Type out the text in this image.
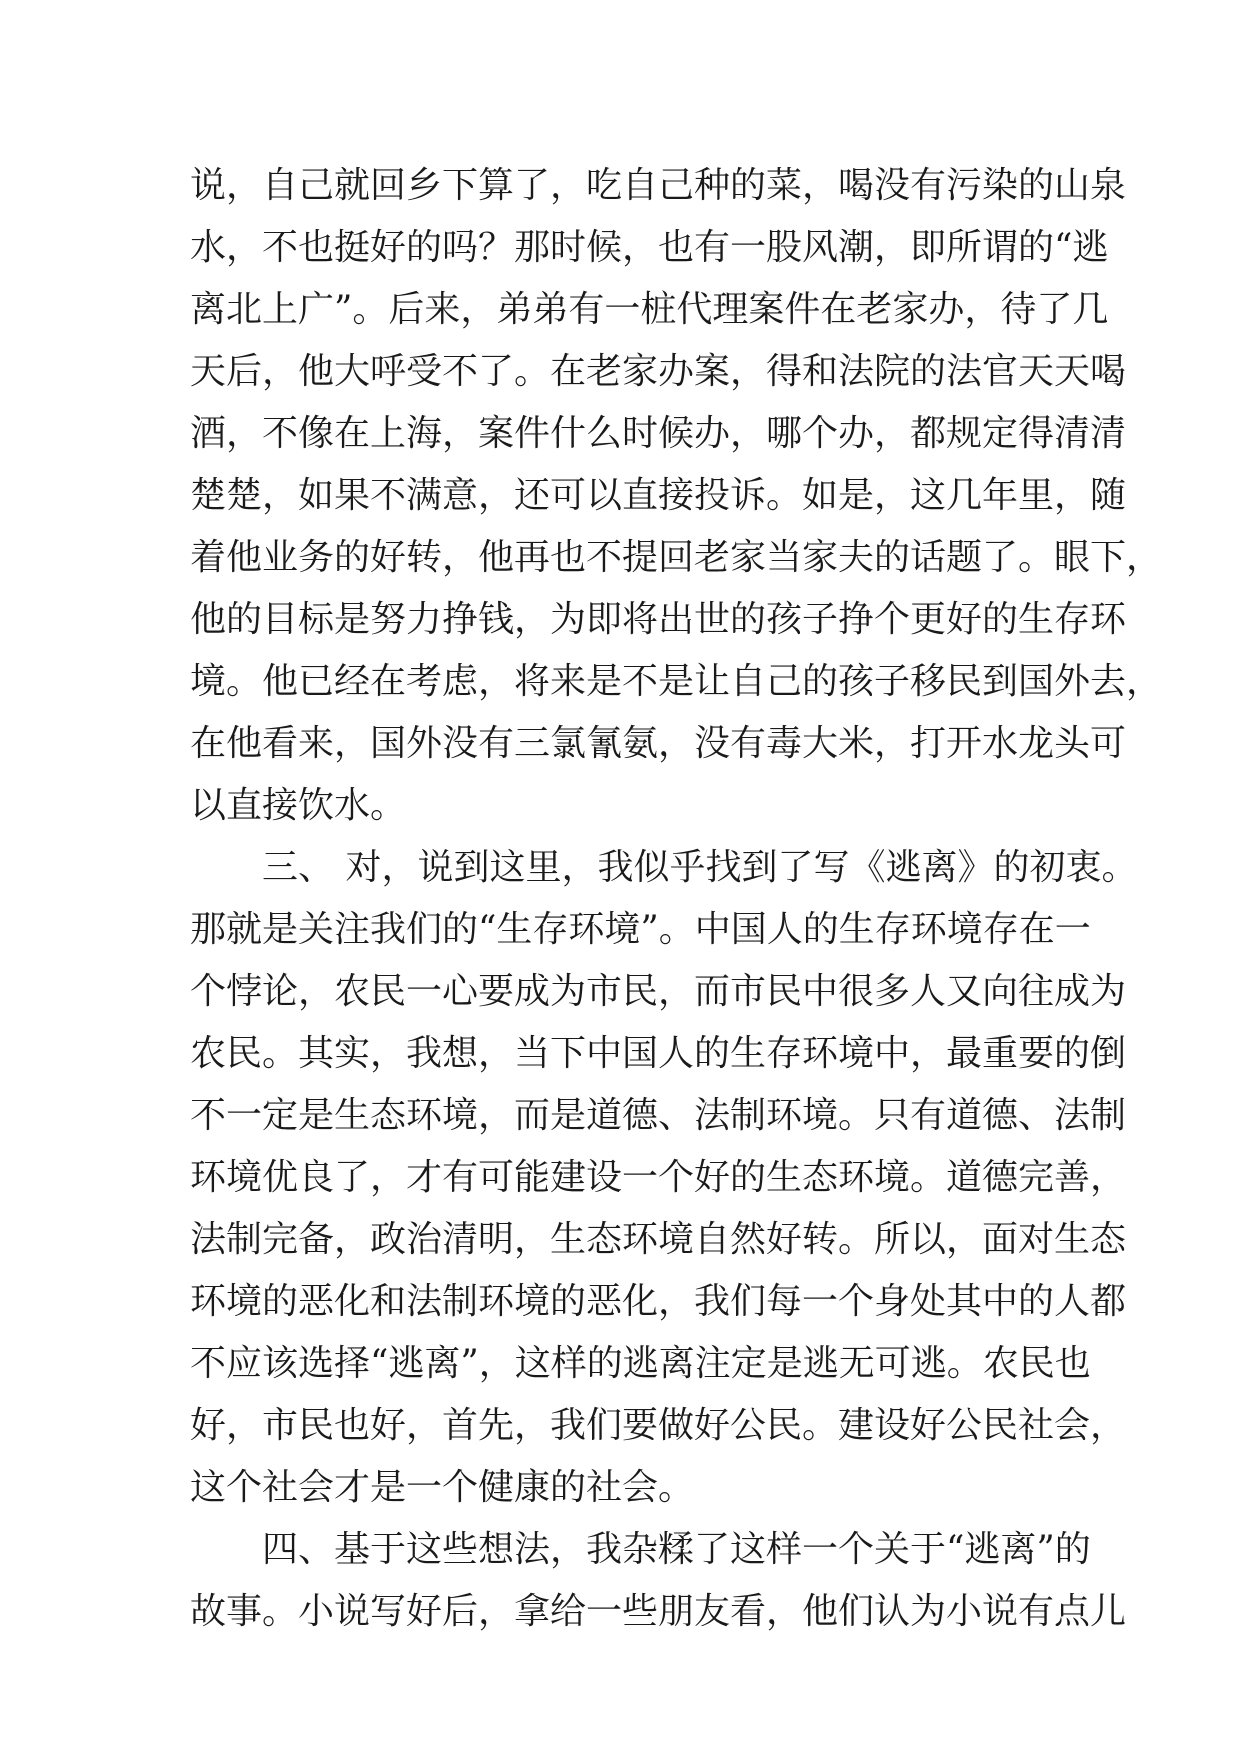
说，自己就回乡下算了，吃自己种的菜，喝没有污染的山泉
水，不也挺好的吗？那时候，也有一股风潮，即所谓的“逃
离北上广”。后来，弟弟有一桩代理案件在老家办，待了几
天后，他大呼受不了。在老家办案，得和法院的法官天天喝
酒，不像在上海，案件什么时候办，哪个办，都规定得清清
楚楚，如果不满意，还可以直接投诉。如是，这几年里，随
着他业务的好转，他再也不提回老家当家夫的话题了。眼下，
他的目标是努力挣钱，为即将出世的孩子挣个更好的生存环
境。他已经在考虑，将来是不是让自己的孩子移民到国外去，
在他看来，国外没有三氯氰氨，没有毒大米，打开水龙头可
以直接饮水。
三、 对，说到这里，我似乎找到了写《逃离》的初衷。
那就是关注我们的“生存环境”。中国人的生存环境存在一
个悖论，农民一心要成为市民，而市民中很多人又向往成为
农民。其实，我想，当下中国人的生存环境中，最重要的倒
不一定是生态环境，而是道德、法制环境。只有道德、法制
环境优良了，才有可能建设一个好的生态环境。道德完善，
法制完备，政治清明，生态环境自然好转。所以，面对生态
环境的恶化和法制环境的恶化，我们每一个身处其中的人都
不应该选择“逃离”，这样的逃离注定是逃无可逃。农民也
好，市民也好，首先，我们要做好公民。建设好公民社会，
这个社会才是一个健康的社会。
四、基于这些想法，我杂糅了这样一个关于“逃离”的
故事。小说写好后，拿给一些朋友看，他们认为小说有点儿
